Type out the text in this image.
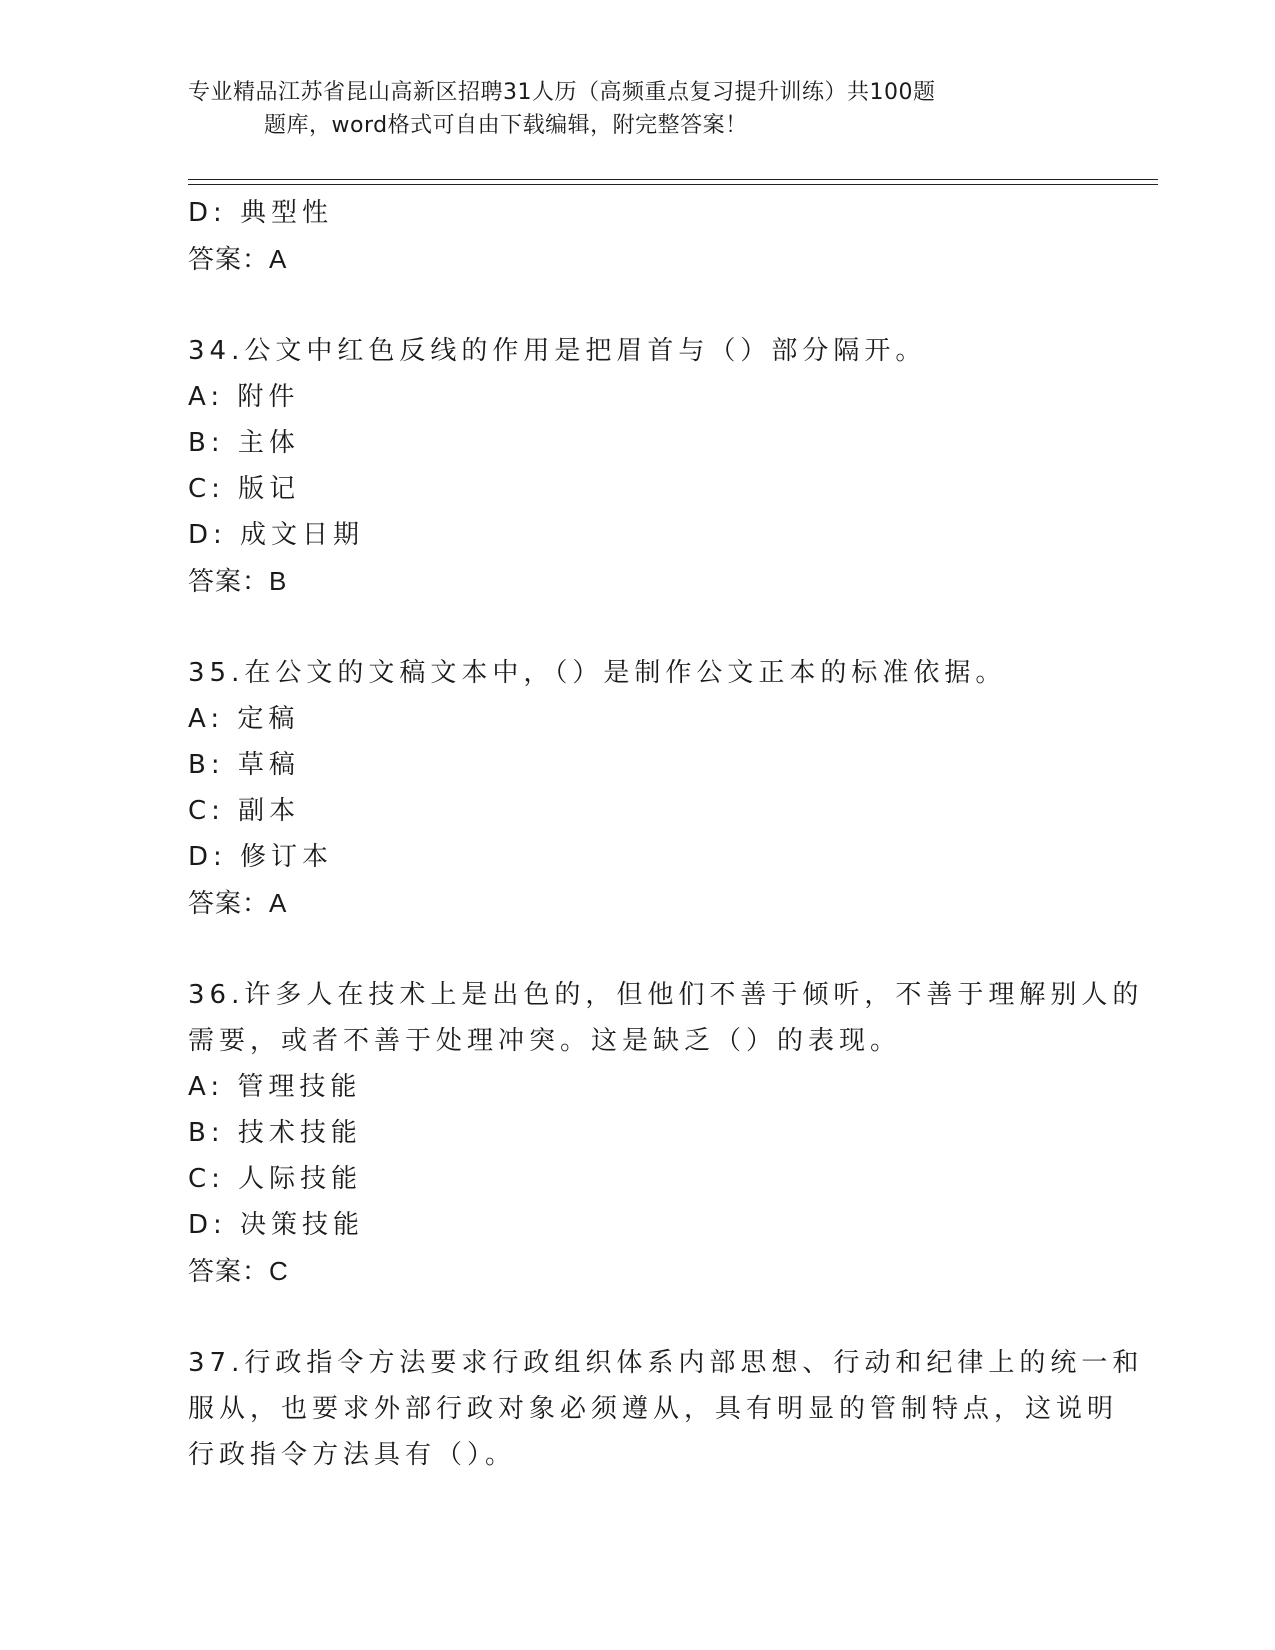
专业精品江苏省昆山高新区招聘31人历（高频重点复习提升训练）共100题
题库，word格式可自由下载编辑，附完整答案！
D: 典型性
答案：A
34.公文中红色反线的作用是把眉首与（）部分隔开。
A: 附件
B: 主体
C: 版记
D: 成文日期
答案：B
35.在公文的文稿文本中，（）是制作公文正本的标准依据。
A: 定稿
B: 草稿
C: 副本
D: 修订本
答案：A
36.许多人在技术上是出色的，但他们不善于倾听，不善于理解别人的
需要，或者不善于处理冲突。这是缺乏（）的表现。
A: 管理技能
B: 技术技能
C: 人际技能
D: 决策技能
答案：C
37.行政指令方法要求行政组织体系内部思想、行动和纪律上的统一和
服从，也要求外部行政对象必须遵从，具有明显的管制特点，这说明
行政指令方法具有（）。
